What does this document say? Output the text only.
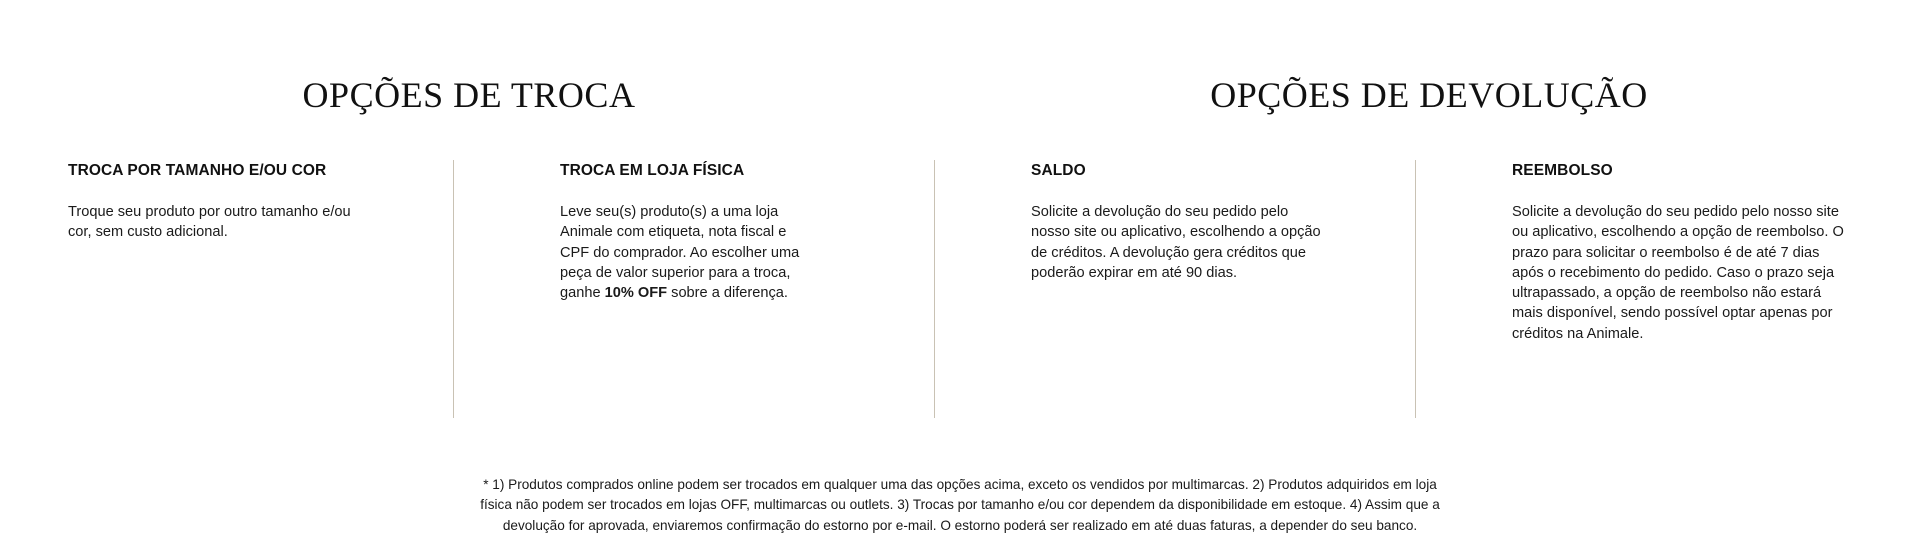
OPÇÕES DE TROCA	OPÇÕES DE DEVOLUÇÃO
TROCA POR TAMANHO E/OU COR

Troque seu produto por outro tamanho e/ou cor, sem custo adicional.

TROCA EM LOJA FÍSICA

Leve seu(s) produto(s) a uma loja Animale com etiqueta, nota fiscal e CPF do comprador. Ao escolher uma peça de valor superior para a troca, ganhe 10% OFF sobre a diferença.

SALDO

Solicite a devolução do seu pedido pelo nosso site ou aplicativo, escolhendo a opção de créditos. A devolução gera créditos que poderão expirar em até 90 dias.

REEMBOLSO

Solicite a devolução do seu pedido pelo nosso site ou aplicativo, escolhendo a opção de reembolso. O prazo para solicitar o reembolso é de até 7 dias após o recebimento do pedido. Caso o prazo seja ultrapassado, a opção de reembolso não estará mais disponível, sendo possível optar apenas por créditos na Animale.

* 1) Produtos comprados online podem ser trocados em qualquer uma das opções acima, exceto os vendidos por multimarcas. 2) Produtos adquiridos em loja física não podem ser trocados em lojas OFF, multimarcas ou outlets. 3) Trocas por tamanho e/ou cor dependem da disponibilidade em estoque. 4) Assim que a devolução for aprovada, enviaremos confirmação do estorno por e-mail. O estorno poderá ser realizado em até duas faturas, a depender do seu banco.
